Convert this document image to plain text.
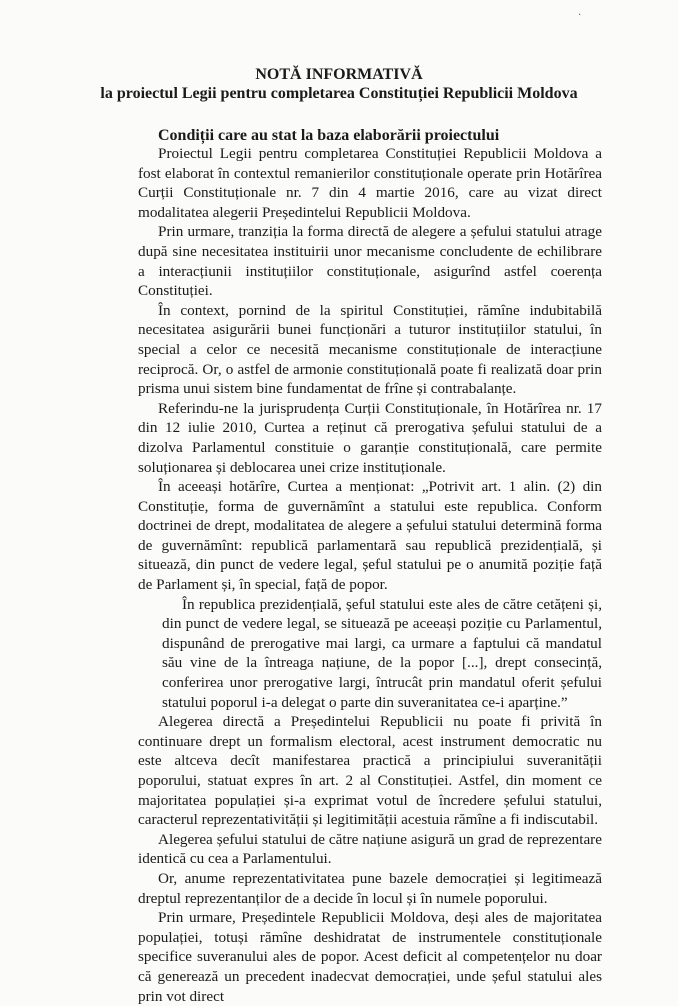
·
NOTĂ INFORMATIVĂ
la proiectul Legii pentru completarea Constituției Republicii Moldova
Condiții care au stat la baza elaborării proiectului

Proiectul Legii pentru completarea Constituției Republicii Moldova a fost elaborat în contextul remanierilor constituționale operate prin Hotărîrea Curții Constituționale nr. 7 din 4 martie 2016, care au vizat direct modalitatea alegerii Președintelui Republicii Moldova.

Prin urmare, tranziția la forma directă de alegere a șefului statului atrage după sine necesitatea instituirii unor mecanisme concludente de echilibrare a interacțiunii instituțiilor constituționale, asigurînd astfel coerența Constituției.

În context, pornind de la spiritul Constituției, rămîne indubitabilă necesitatea asigurării bunei funcționări a tuturor instituțiilor statului, în special a celor ce necesită mecanisme constituționale de interacțiune reciprocă. Or, o astfel de armonie constituțională poate fi realizată doar prin prisma unui sistem bine fundamentat de frîne și contrabalanțe.

Referindu-ne la jurisprudența Curții Constituționale, în Hotărîrea nr. 17 din 12 iulie 2010, Curtea a reținut că prerogativa șefului statului de a dizolva Parlamentul constituie o garanție constituțională, care permite soluționarea și deblocarea unei crize instituționale.

În aceeași hotărîre, Curtea a menționat: „Potrivit art. 1 alin. (2) din Constituție, forma de guvernămînt a statului este republica. Conform doctrinei de drept, modalitatea de alegere a șefului statului determină forma de guvernămînt: republică parlamentară sau republică prezidențială, și situează, din punct de vedere legal, șeful statului pe o anumită poziție față de Parlament și, în special, față de popor.

În republica prezidențială, șeful statului este ales de către cetățeni și, din punct de vedere legal, se situează pe aceeași poziție cu Parlamentul, dispunând de prerogative mai largi, ca urmare a faptului că mandatul său vine de la întreaga națiune, de la popor [...], drept consecință, conferirea unor prerogative largi, întrucât prin mandatul oferit șefului statului poporul i-a delegat o parte din suveranitatea ce-i aparține.”

Alegerea directă a Președintelui Republicii nu poate fi privită în continuare drept un formalism electoral, acest instrument democratic nu este altceva decît manifestarea practică a principiului suveranității poporului, statuat expres în art. 2 al Constituției. Astfel, din moment ce majoritatea populației și-a exprimat votul de încredere șefului statului, caracterul reprezentativității și legitimității acestuia rămîne a fi indiscutabil.

Alegerea șefului statului de către națiune asigură un grad de reprezentare identică cu cea a Parlamentului.

Or, anume reprezentativitatea pune bazele democrației și legitimează dreptul reprezentanților de a decide în locul și în numele poporului.

Prin urmare, Președintele Republicii Moldova, deși ales de majoritatea populației, totuși rămîne deshidratat de instrumentele constituționale specifice suveranului ales de popor. Acest deficit al competențelor nu doar că generează un precedent inadecvat democrației, unde șeful statului ales prin vot direct
